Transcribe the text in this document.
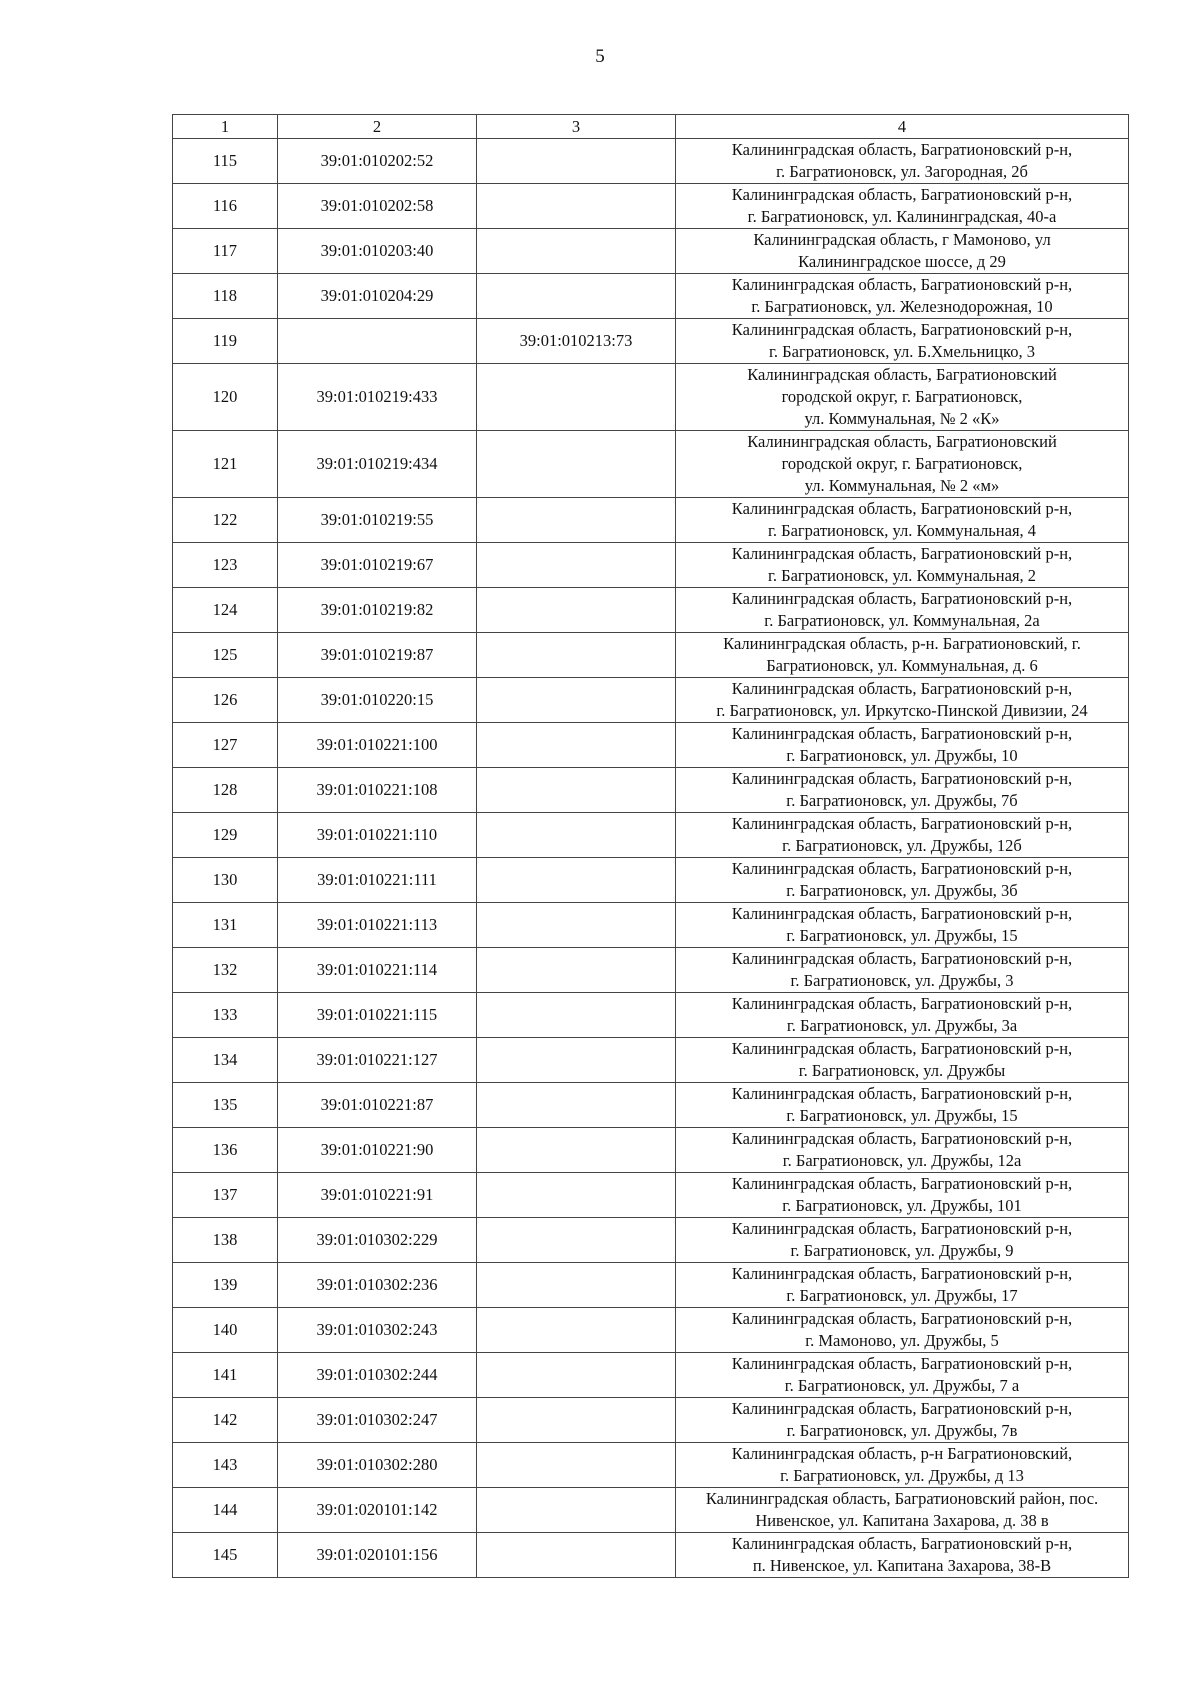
5
1	2	3	4
115	39:01:010202:52		Калининградская область, Багратионовский р-н,
г. Багратионовск, ул. Загородная, 2б

116	39:01:010202:58		Калининградская область, Багратионовский р-н,
г. Багратионовск, ул. Калининградская, 40-а

117	39:01:010203:40		Калининградская область, г Мамоново, ул
Калининградское шоссе, д 29

118	39:01:010204:29		Калининградская область, Багратионовский р-н,
г. Багратионовск, ул. Железнодорожная, 10

119		39:01:010213:73	Калининградская область, Багратионовский р-н,
г. Багратионовск, ул. Б.Хмельницко, 3

120	39:01:010219:433		Калининградская область, Багратионовский
городской округ, г. Багратионовск,
ул. Коммунальная, № 2 «К»

121	39:01:010219:434		Калининградская область, Багратионовский
городской округ, г. Багратионовск,
ул. Коммунальная, № 2 «м»

122	39:01:010219:55		Калининградская область, Багратионовский р-н,
г. Багратионовск, ул. Коммунальная, 4

123	39:01:010219:67		Калининградская область, Багратионовский р-н,
г. Багратионовск, ул. Коммунальная, 2

124	39:01:010219:82		Калининградская область, Багратионовский р-н,
г. Багратионовск, ул. Коммунальная, 2а

125	39:01:010219:87		Калининградская область, р-н. Багратионовский, г.
Багратионовск, ул. Коммунальная, д. 6

126	39:01:010220:15		Калининградская область, Багратионовский р-н,
г. Багратионовск, ул. Иркутско-Пинской Дивизии, 24

127	39:01:010221:100		Калининградская область, Багратионовский р-н,
г. Багратионовск, ул. Дружбы, 10

128	39:01:010221:108		Калининградская область, Багратионовский р-н,
г. Багратионовск, ул. Дружбы, 7б

129	39:01:010221:110		Калининградская область, Багратионовский р-н,
г. Багратионовск, ул. Дружбы, 12б

130	39:01:010221:111		Калининградская область, Багратионовский р-н,
г. Багратионовск, ул. Дружбы, 3б

131	39:01:010221:113		Калининградская область, Багратионовский р-н,
г. Багратионовск, ул. Дружбы, 15

132	39:01:010221:114		Калининградская область, Багратионовский р-н,
г. Багратионовск, ул. Дружбы, 3

133	39:01:010221:115		Калининградская область, Багратионовский р-н,
г. Багратионовск, ул. Дружбы, 3а

134	39:01:010221:127		Калининградская область, Багратионовский р-н,
г. Багратионовск, ул. Дружбы

135	39:01:010221:87		Калининградская область, Багратионовский р-н,
г. Багратионовск, ул. Дружбы, 15

136	39:01:010221:90		Калининградская область, Багратионовский р-н,
г. Багратионовск, ул. Дружбы, 12а

137	39:01:010221:91		Калининградская область, Багратионовский р-н,
г. Багратионовск, ул. Дружбы, 101

138	39:01:010302:229		Калининградская область, Багратионовский р-н,
г. Багратионовск, ул. Дружбы, 9

139	39:01:010302:236		Калининградская область, Багратионовский р-н,
г. Багратионовск, ул. Дружбы, 17

140	39:01:010302:243		Калининградская область, Багратионовский р-н,
г. Мамоново, ул. Дружбы, 5

141	39:01:010302:244		Калининградская область, Багратионовский р-н,
г. Багратионовск, ул. Дружбы, 7 а

142	39:01:010302:247		Калининградская область, Багратионовский р-н,
г. Багратионовск, ул. Дружбы, 7в

143	39:01:010302:280		Калининградская область, р-н Багратионовский,
г. Багратионовск, ул. Дружбы, д 13

144	39:01:020101:142		Калининградская область, Багратионовский район, пос.
Нивенское, ул. Капитана Захарова, д. 38 в

145	39:01:020101:156		Калининградская область, Багратионовский р-н,
п. Нивенское, ул. Капитана Захарова, 38-В
